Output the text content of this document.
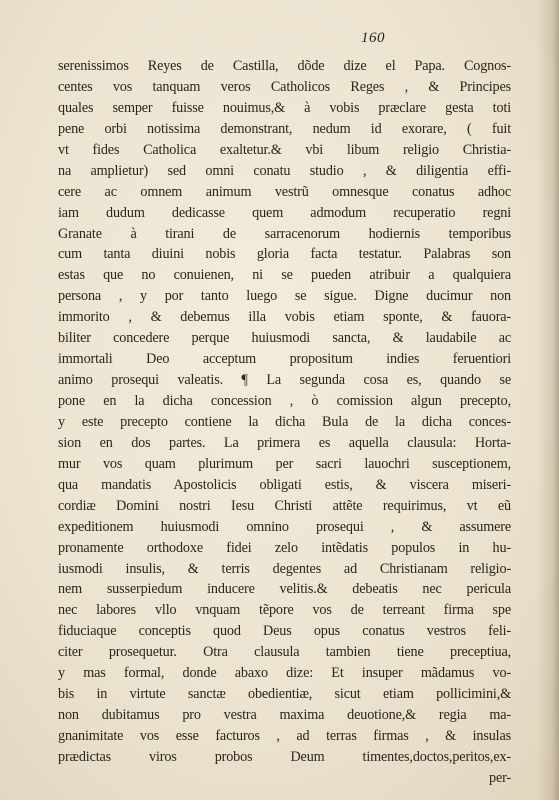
160
serenissimos Reyes de Castilla, dõde dize el Papa. Cognos-
centes vos tanquam veros Catholicos Reges , & Principes
quales semper fuisse nouimus,& à vobis præclare gesta toti
pene orbi notissima demonstrant, nedum id exorare, ( fuit
vt fides Catholica exaltetur.& vbi libum religio Christia-
na amplietur) sed omni conatu studio , & diligentia effi-
cere ac omnem animum vestrũ omnesque conatus adhoc
iam dudum dedicasse quem admodum recuperatio regni
Granate à tirani de sarracenorum hodiernis temporibus
cum tanta diuini nobis gloria facta testatur. Palabras son
estas que no conuienen, ni se pueden atribuir a qualquiera
persona , y por tanto luego se sigue. Digne ducimur non
immorito , & debemus illa vobis etiam sponte, & fauora-
biliter concedere perque huiusmodi sancta, & laudabile ac
immortali Deo acceptum propositum indies feruentiori
animo prosequi valeatis. ¶ La segunda cosa es, quando se
pone en la dicha concession , ò comission algun precepto,
y este precepto contiene la dicha Bula de la dicha conces-
sion en dos partes. La primera es aquella clausula: Horta-
mur vos quam plurimum per sacri lauochri susceptionem,
qua mandatis Apostolicis obligati estis, & viscera miseri-
cordiæ Domini nostri Iesu Christi attẽte requirimus, vt eũ
expeditionem huiusmodi omnino prosequi , & assumere
pronamente orthodoxe fidei zelo intẽdatis populos in hu-
iusmodi insulis, & terris degentes ad Christianam religio-
nem susserpiedum inducere velitis.& debeatis nec pericula
nec labores vllo vnquam tẽpore vos de terreant firma spe
fiduciaque conceptis quod Deus opus conatus vestros feli-
citer prosequetur. Otra clausula tambien tiene preceptiua,
y mas formal, donde abaxo dize: Et insuper mãdamus vo-
bis in virtute sanctæ obedientiæ, sicut etiam pollicimini,&
non dubitamus pro vestra maxima deuotione,& regia ma-
gnanimitate vos esse facturos , ad terras firmas , & insulas
prædictas viros probos Deum timentes,doctos,peritos,ex-
per-
